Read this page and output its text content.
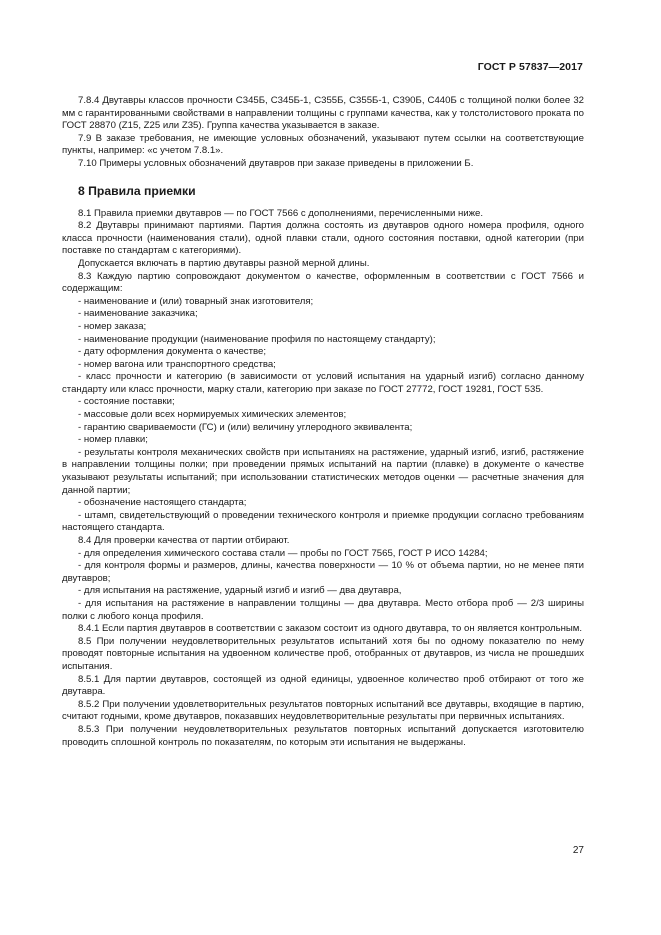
ГОСТ Р 57837—2017

7.8.4 Двутавры классов прочности С345Б, С345Б-1, С355Б, С355Б-1, С390Б, С440Б с толщиной полки более 32 мм с гарантированными свойствами в направлении толщины с группами качества, как у толстолистового проката по ГОСТ 28870 (Z15, Z25 или Z35). Группа качества указывается в заказе.

7.9 В заказе требования, не имеющие условных обозначений, указывают путем ссылки на соответствующие пункты, например: «с учетом 7.8.1».

7.10 Примеры условных обозначений двутавров при заказе приведены в приложении Б.

8 Правила приемки

8.1 Правила приемки двутавров — по ГОСТ 7566 с дополнениями, перечисленными ниже.

8.2 Двутавры принимают партиями. Партия должна состоять из двутавров одного номера профиля, одного класса прочности (наименования стали), одной плавки стали, одного состояния поставки, одной категории (при поставке по стандартам с категориями).

Допускается включать в партию двутавры разной мерной длины.

8.3 Каждую партию сопровождают документом о качестве, оформленным в соответствии с ГОСТ 7566 и содержащим:

- наименование и (или) товарный знак изготовителя;

- наименование заказчика;

- номер заказа;

- наименование продукции (наименование профиля по настоящему стандарту);

- дату оформления документа о качестве;

- номер вагона или транспортного средства;

- класс прочности и категорию (в зависимости от условий испытания на ударный изгиб) согласно данному стандарту или класс прочности, марку стали, категорию при заказе по ГОСТ 27772, ГОСТ 19281, ГОСТ 535.

- состояние поставки;

- массовые доли всех нормируемых химических элементов;

- гарантию свариваемости (ГС) и (или) величину углеродного эквивалента;

- номер плавки;

- результаты контроля механических свойств при испытаниях на растяжение, ударный изгиб, изгиб, растяжение в направлении толщины полки; при проведении прямых испытаний на партии (плавке) в документе о качестве указывают результаты испытаний; при использовании статистических методов оценки — расчетные значения для данной партии;

- обозначение настоящего стандарта;

- штамп, свидетельствующий о проведении технического контроля и приемке продукции согласно требованиям настоящего стандарта.

8.4 Для проверки качества от партии отбирают.

- для определения химического состава стали — пробы по ГОСТ 7565, ГОСТ Р ИСО 14284;

- для контроля формы и размеров, длины, качества поверхности — 10 % от объема партии, но не менее пяти двутавров;

- для испытания на растяжение, ударный изгиб и изгиб — два двутавра,

- для испытания на растяжение в направлении толщины — два двутавра. Место отбора проб — 2/3 ширины полки с любого конца профиля.

8.4.1 Если партия двутавров в соответствии с заказом состоит из одного двутавра, то он является контрольным.

8.5 При получении неудовлетворительных результатов испытаний хотя бы по одному показателю по нему проводят повторные испытания на удвоенном количестве проб, отобранных от двутавров, из числа не прошедших испытания.

8.5.1 Для партии двутавров, состоящей из одной единицы, удвоенное количество проб отбирают от того же двутавра.

8.5.2 При получении удовлетворительных результатов повторных испытаний все двутавры, входящие в партию, считают годными, кроме двутавров, показавших неудовлетворительные результаты при первичных испытаниях.

8.5.3 При получении неудовлетворительных результатов повторных испытаний допускается изготовителю проводить сплошной контроль по показателям, по которым эти испытания не выдержаны.

27
